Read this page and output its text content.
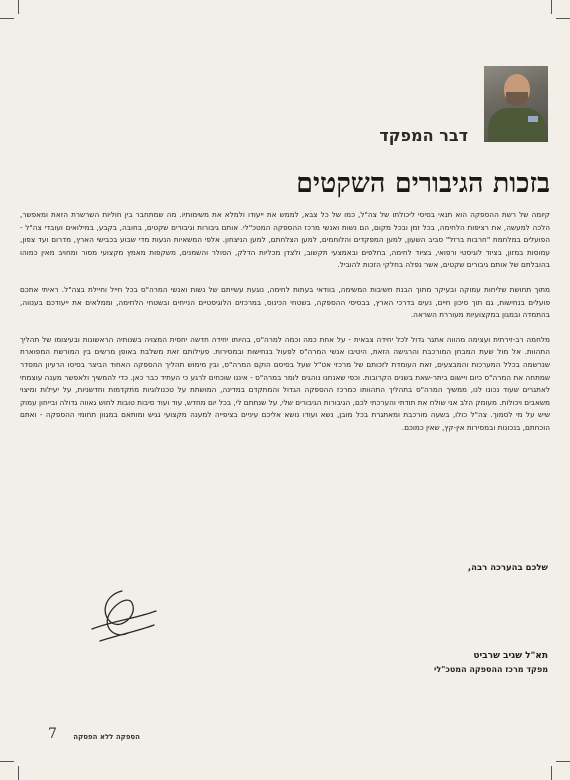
דבר המפקד
בזכות הגיבורים השקטים

קיומה של רשת ההספקה הוא תנאי בסיסי ליכולתו של צה"ל, כמו של כל צבא, לממש את ייעודו ולמלא את משימותיו. מה שמתחבר בין חוליות השרשרת הזאת ומאפשר, הלכה למעשה, את רציפות הלחימה, בכל זמן ובכל מקום, הם נשות ואנשי מרכז ההספקה המטכ"לי. אותם גיבורות וגיבורים שקטים, בחובה, בקבע, במילואים ועובדי צה"ל - הפועלים במלחמת "חרבות ברזל" סביב השעון, למען המפקדים והלוחמים, למען הצלחתם, למען הניצחון. אלפי המשאיות הנעות מדי שבוע בכבישי הארץ, מדרום ועד צפון, עמוסות במזון, בציוד לוגיסטי ורפואי, בציוד לחימה, בחלפים ובאמצעי תקשוב, ולצדן מכליות הדלק, הסולר והשמנים, משקפות מאמץ מקצועי מסור ומחויב מאין כמוהו בהובלתם של אותם גיבורים שקטים, אשר נפלה בחלקי הזכות להוביל.

מתוך תחושת שליחות עמוקה ובעיקר מתוך הבנת חשיבות המשימה, בוודאי בעתות לחימה, נוגעת עשייתם של נשות ואנשי המרה"ס בכל חייל וחיילת בצה"ל. ראיתי אתכם פועלים בנחישות, גם תוך סיכון חיים, נעים בדרכי הארץ, בבסיסי ההספקה, בשטחי הכינוס, במרכזים הלוגיסטיים הנייחים ובשטחי הלחימה, וממלאים את ייעודכם בענווה, בהתמדה ובמגון במקצועיות מעוררת השראה.

מלחמה רב-זירתית ועצימה מהווה אתגר גדול לכל יחידה צבאית - על אחת כמה וכמה למרה"ס, בהיותו יחידה חדשה יחסית המצויה בשנותיה הראשונות ובעיצומו של תהליך התהוות. אל מול שעת המבחן המורכבת והרגישה הזאת, היטיבו אנשי המרה"ס לפעול בנחישות ובמסירות. פעילותם זאת משלבת באופן מרשים בין המורשת המפוארת שנרשמה בכלל המערכות והמבצעים, זאת העומדת לזכותם של מרכזי אט"ל שעל בסיסם הוקם המרה"ס, ובין מימוש תהליך ההספקה האחוד הביצר בסיסו הרעיון המסדר שמתחה את המרה"ס כיום ויישום ביתר-שאת בשנים הקרובות. וכפי שאנחנו נוהגים לומר במרה"ס - איננו שוכחים לרגע כי העתיד כבר כאן. כדי להמשיך ולאפשר מענה עוצמתי לאתגרים שעוד נכונו לנו, ממשיך המרה"ס בתהליך התהוותו כמרכז ההספקה הגדול והמתקדם במדינה, המושתת על טכנולוגיות מתקדמות וחדשניות, על יעילות ומיצוי משאבים ויכולות. מעומק הלב אני שולח את תודתי והערכתי לכם, הגיבורות הגיבורים שלי, על שנתתם לי, בכל יום מחדש, עוד ועוד סיבות טובות לחוש גאווה גדולה ובייחון עמוק שיש על מי לסמוך. צה"ל כולו, בשעה מורכבת ומאתגרת בכל מובן, נשא ועודו נושא אליכם עיניים בציפייה למענה מקצועי נגיש ומותאם במגוון תחומי ההספקה - ואתם הוכחתם, בנכונות ובמסירות אין-קץ, שאין כמוכם.

שלכם בהערכה רבה,
תא"ל שגיב שרביט
מפקד מרכז ההספקה המטכ"לי
הספקה ללא הפסקה
7
